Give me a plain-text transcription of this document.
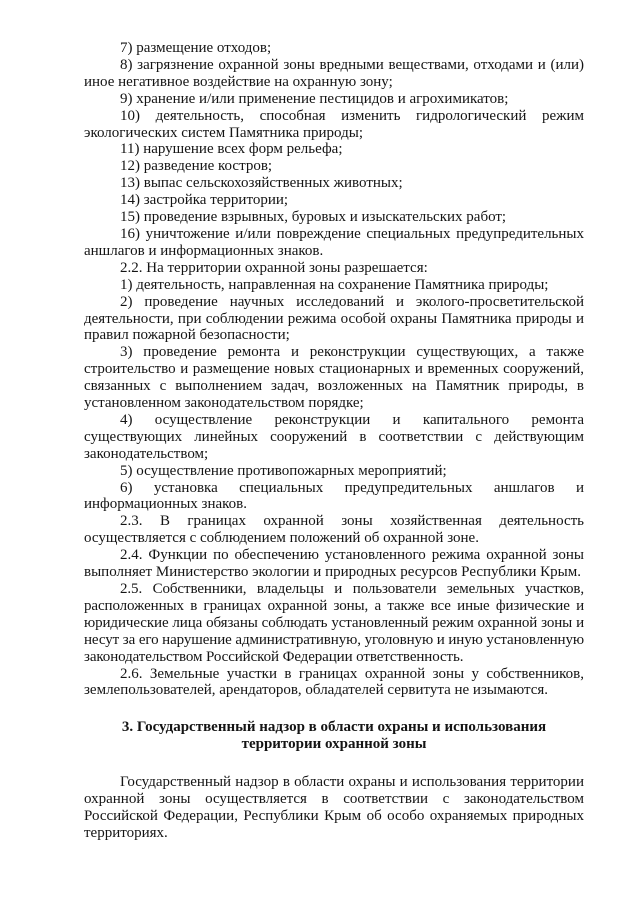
7) размещение отходов;

8) загрязнение охранной зоны вредными веществами, отходами и (или) иное негативное воздействие на охранную зону;

9) хранение и/или применение пестицидов и агрохимикатов;

10) деятельность, способная изменить гидрологический режим экологических систем Памятника природы;

11) нарушение всех форм рельефа;

12) разведение костров;

13) выпас сельскохозяйственных животных;

14) застройка территории;

15) проведение взрывных, буровых и изыскательских работ;

16) уничтожение и/или повреждение специальных предупредительных аншлагов и информационных знаков.

2.2. На территории охранной зоны разрешается:

1) деятельность, направленная на сохранение Памятника природы;

2) проведение научных исследований и эколого-просветительской деятельности, при соблюдении режима особой охраны Памятника природы и правил пожарной безопасности;

3) проведение ремонта и реконструкции существующих, а также строительство и размещение новых стационарных и временных сооружений, связанных с выполнением задач, возложенных на Памятник природы, в установленном законодательством порядке;

4) осуществление реконструкции и капитального ремонта существующих линейных сооружений в соответствии с действующим законодательством;

5) осуществление противопожарных мероприятий;

6) установка специальных предупредительных аншлагов и информационных знаков.

2.3. В границах охранной зоны хозяйственная деятельность осуществляется с соблюдением положений об охранной зоне.

2.4. Функции по обеспечению установленного режима охранной зоны выполняет Министерство экологии и природных ресурсов Республики Крым.

2.5. Собственники, владельцы и пользователи земельных участков, расположенных в границах охранной зоны, а также все иные физические и юридические лица обязаны соблюдать установленный режим охранной зоны и несут за его нарушение административную, уголовную и иную установленную законодательством Российской Федерации ответственность.

2.6. Земельные участки в границах охранной зоны у собственников, землепользователей, арендаторов, обладателей сервитута не изымаются.

3. Государственный надзор в области охраны и использования
территории охранной зоны

Государственный надзор в области охраны и использования территории охранной зоны осуществляется в соответствии с законодательством Российской Федерации, Республики Крым об особо охраняемых природных территориях.
